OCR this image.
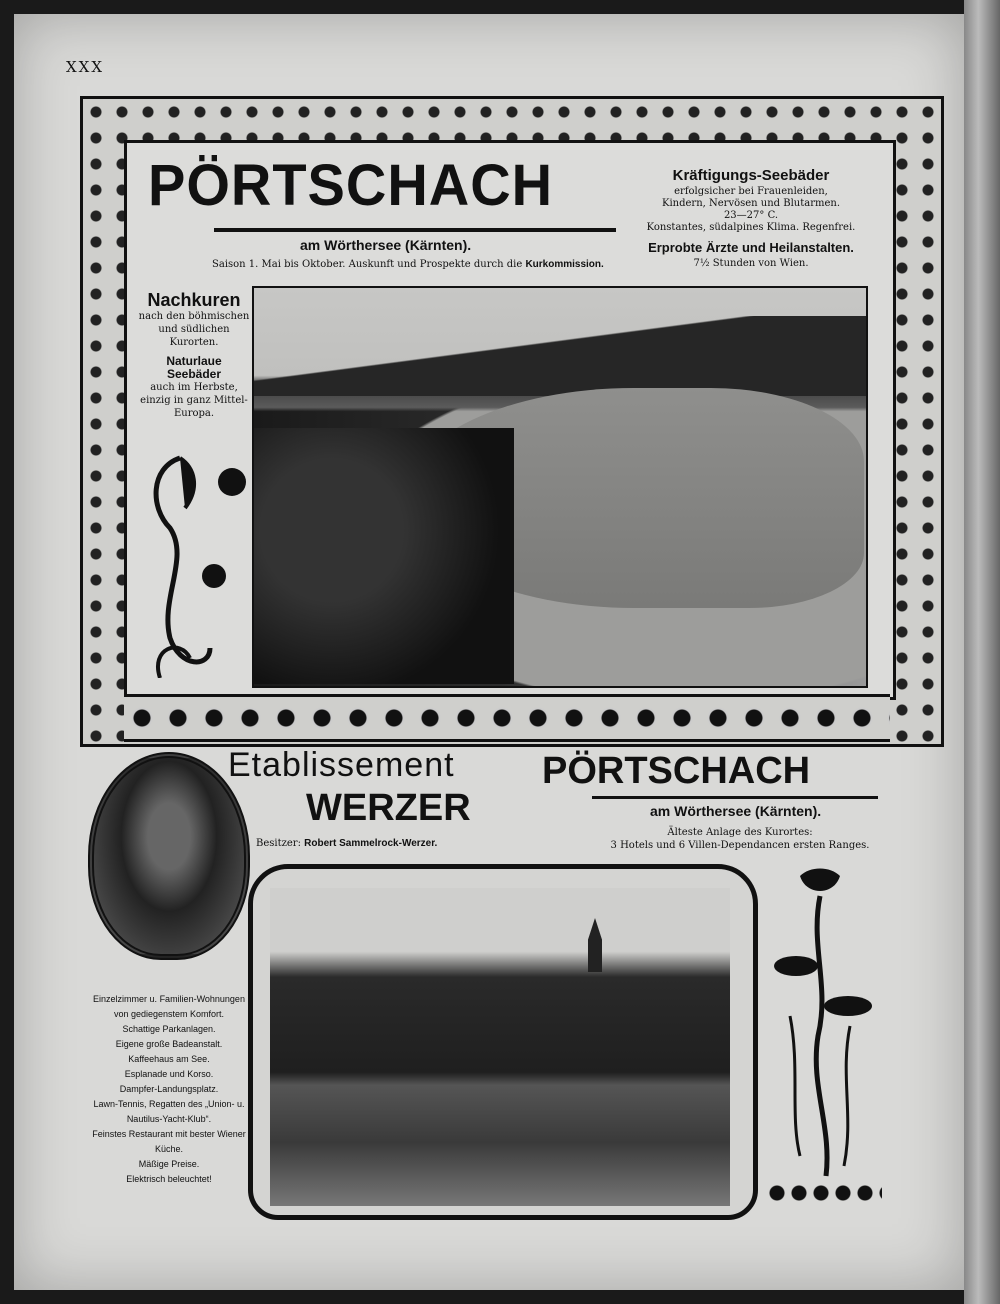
XXX
PÖRTSCHACH
am Wörthersee (Kärnten).
Saison 1. Mai bis Oktober. Auskunft und Prospekte durch die Kurkommission.
Kräftigungs-Seebäder
erfolgsicher bei Frauenleiden,
Kindern, Nervösen und Blutarmen.
23—27° C.
Konstantes, südalpines Klima. Regenfrei.
Erprobte Ärzte und Heilanstalten.
7½ Stunden von Wien.
Nachkuren
nach den böhmischen und südlichen Kurorten.
Naturlaue Seebäder
auch im Herbste, einzig in ganz Mittel-Europa.
Etablissement
WERZER
Besitzer: Robert Sammelrock-Werzer.
PÖRTSCHACH
am Wörthersee (Kärnten).
Älteste Anlage des Kurortes:
3 Hotels und 6 Villen-Dependancen ersten Ranges.
Einzelzimmer u. Familien-Wohnungen
von gediegenstem Komfort.
Schattige Parkanlagen.
Eigene große Badeanstalt.
Kaffeehaus am See.
Esplanade und Korso.
Dampfer-Landungsplatz.
Lawn-Tennis, Regatten des „Union- u. Nautilus-Yacht-Klub“.
Feinstes Restaurant mit bester Wiener Küche.
Mäßige Preise.
Elektrisch beleuchtet!
